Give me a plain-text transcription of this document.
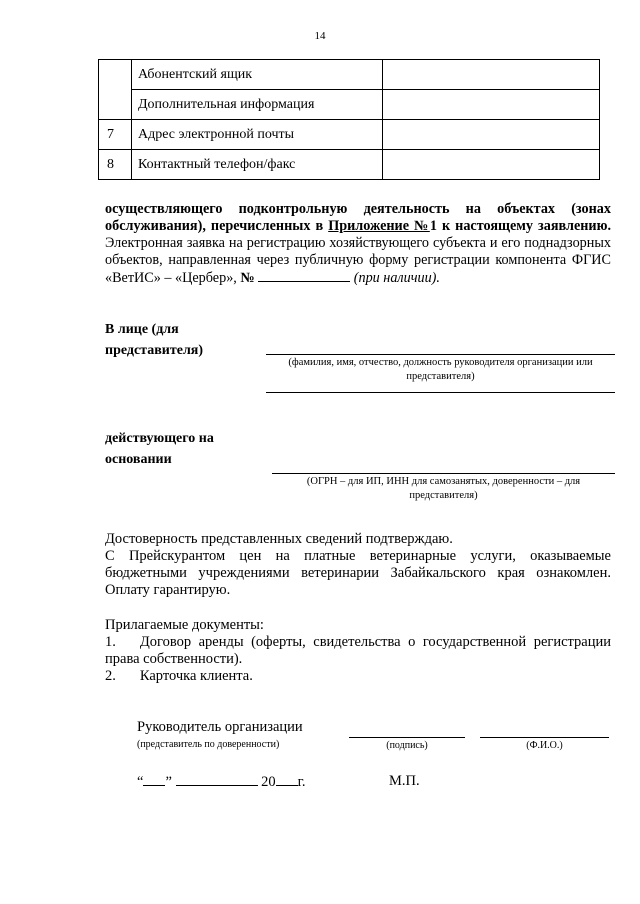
14
	Абонентский ящик	
	Дополнительная информация	
7	Адрес электронной почты	
8	Контактный телефон/факс	
осуществляющего подконтрольную деятельность на объектах (зонах обслуживания), перечисленных в Приложение №1 к настоящему заявлению. Электронная заявка на регистрацию хозяйствующего субъекта и его поднадзорных объектов, направленная через публичную форму регистрации компонента ФГИС «ВетИС» – «Цербер», №	(при наличии).
В лице (для
представителя)
(фамилия, имя, отчество, должность руководителя организации или представителя)
действующего на
основании
(ОГРН – для ИП, ИНН для самозанятых, доверенности – для представителя)
Достоверность представленных сведений подтверждаю.
С Прейскурантом цен на платные ветеринарные услуги, оказываемые бюджетными учреждениями ветеринарии Забайкальского края ознакомлен. Оплату гарантирую.
Прилагаемые документы:
1. Договор аренды (оферты, свидетельства о государственной регистрации права собственности).
2. Карточка клиента.
Руководитель организации
(представитель по доверенности)	(подпись)	(Ф.И.О.)
“ ”	20 г.	М.П.
